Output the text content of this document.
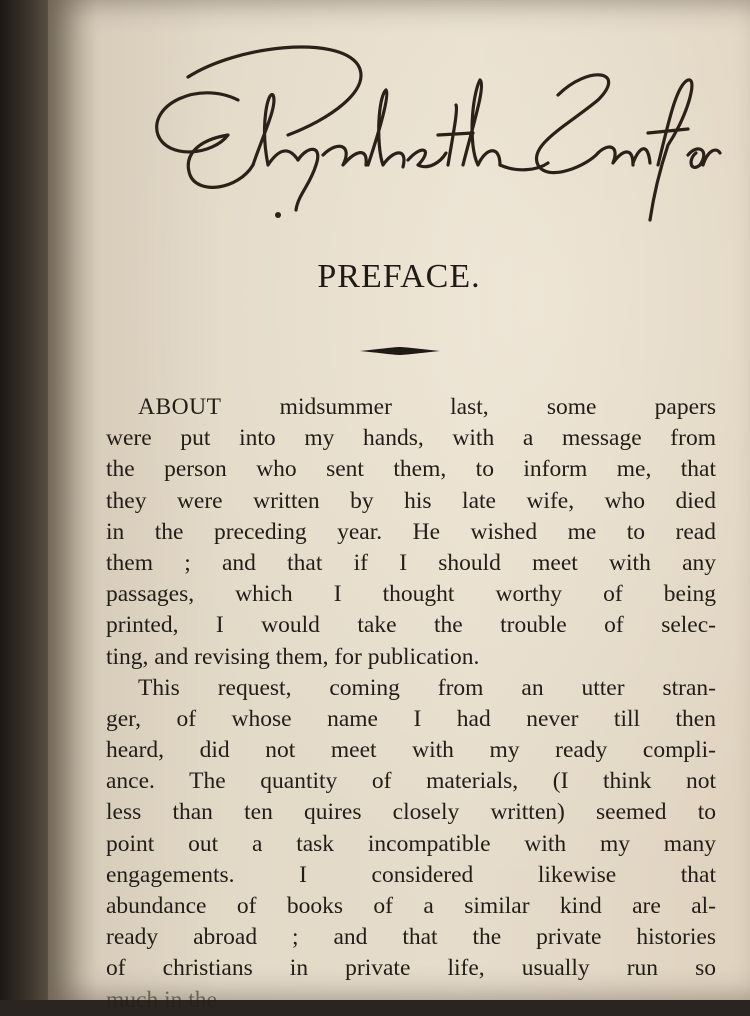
PREFACE.
ABOUT midsummer last, some papers
were put into my hands, with a message from
the person who sent them, to inform me, that
they were written by his late wife, who died
in the preceding year. He wished me to read
them ; and that if I should meet with any
passages, which I thought worthy of being
printed, I would take the trouble of selec-
ting, and revising them, for publication.
This request, coming from an utter stran-
ger, of whose name I had never till then
heard, did not meet with my ready compli-
ance. The quantity of materials, (I think not
less than ten quires closely written) seemed to
point out a task incompatible with my many
engagements. I considered likewise that
abundance of books of a similar kind are al-
ready abroad ; and that the private histories
of christians in private life, usually run so
much in the
